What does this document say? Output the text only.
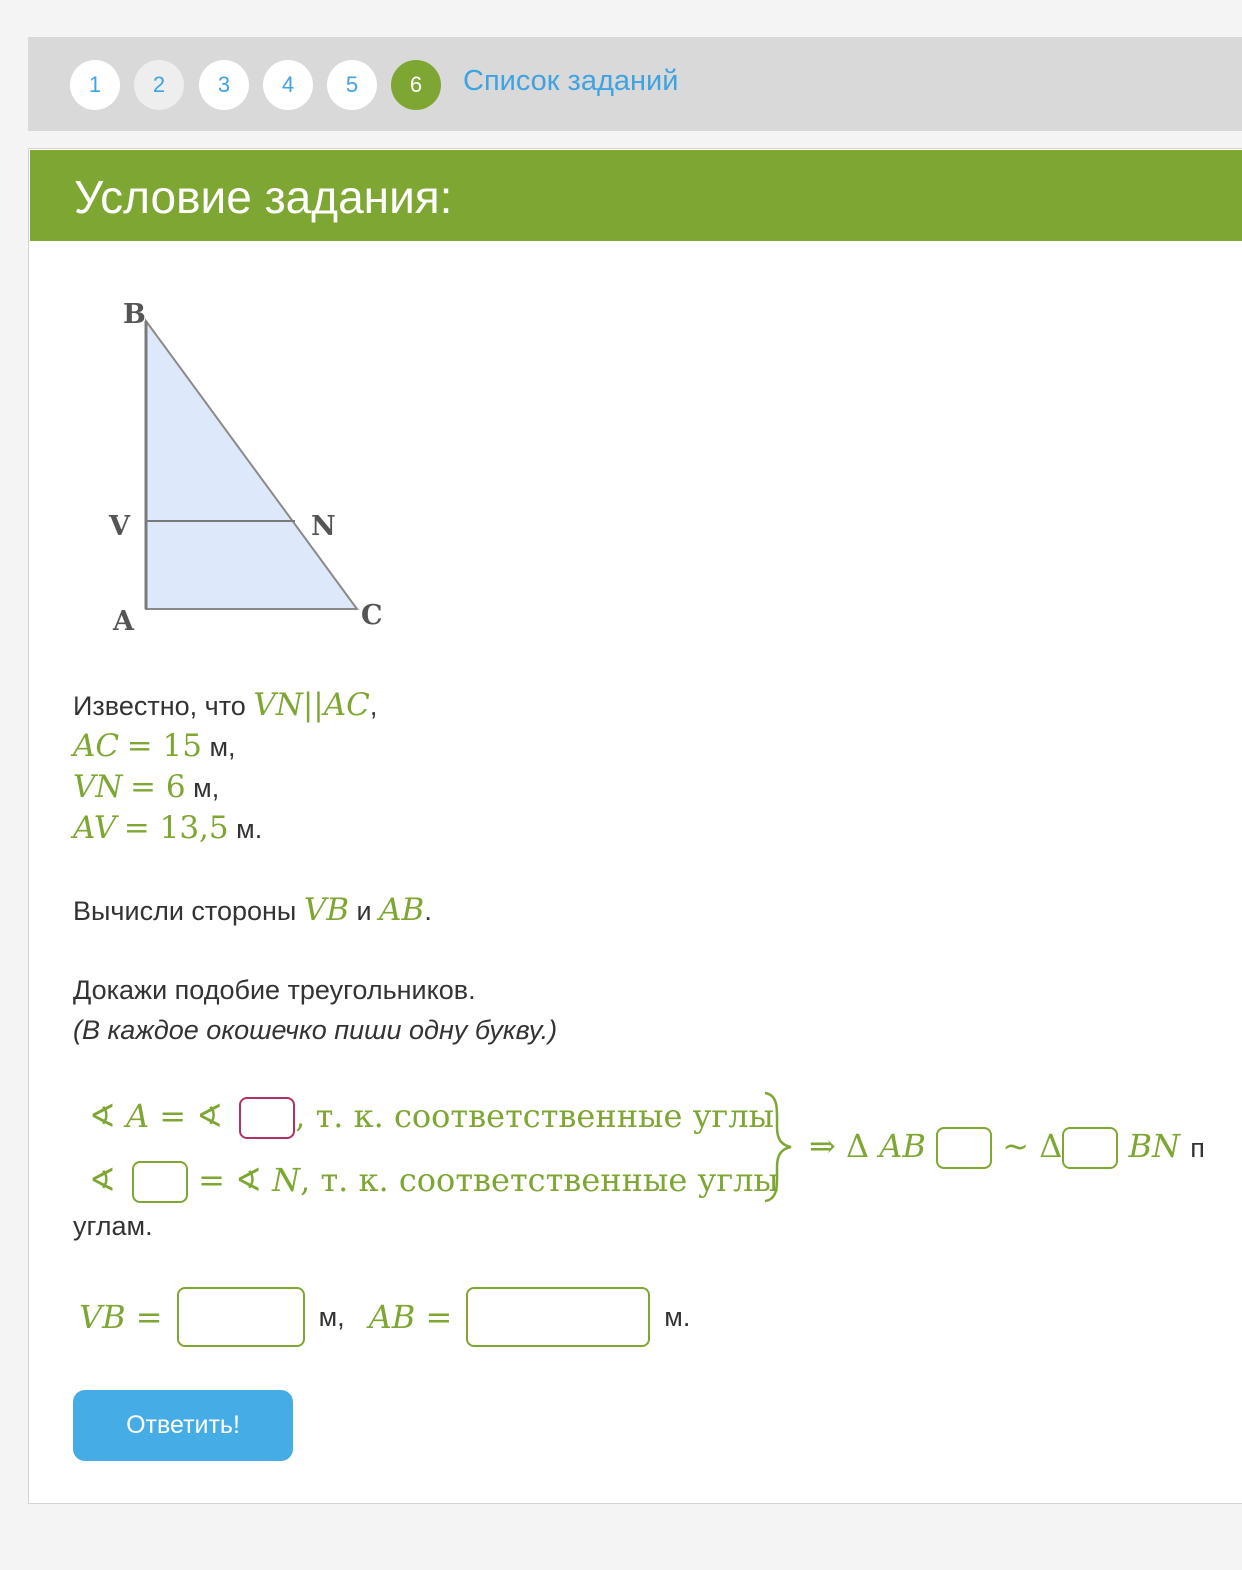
1	2	3	4	5	6	Список заданий
Условие задания:
B
V	N
A	C
Известно, что VN||AC,
AC = 15 м,
VN = 6 м,
AV = 13,5 м.
Вычисли стороны VB и AB.
Докажи подобие треугольников.
(В каждое окошечко пиши одну букву.)
∢ A = ∢ , т. к. соответственные углы
∢	= ∢ N, т. к. соответственные углы
⇒ Δ AB ~ Δ BN п
углам.
VB =	м, AB =	м.
Ответить!
